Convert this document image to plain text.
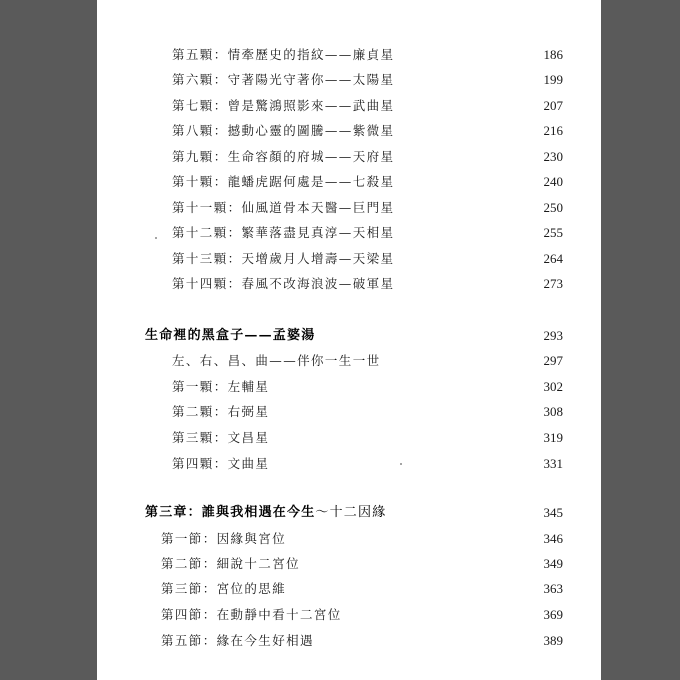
第五顆：情牽歷史的指紋——廉貞星	186
第六顆：守著陽光守著你——太陽星	199
第七顆：曾是驚鴻照影來——武曲星	207
第八顆：撼動心靈的圖騰——紫微星	216
第九顆：生命容顏的府城——天府星	230
第十顆：龍蟠虎踞何處是——七殺星	240
第十一顆：仙風道骨本天醫—巨門星	250
第十二顆：繁華落盡見真淳—天相星	255
第十三顆：天增歲月人增壽—天梁星	264
第十四顆：春風不改海浪波—破軍星	273
生命裡的黑盒子——孟婆湯	293
左、右、昌、曲——伴你一生一世	297
第一顆：左輔星	302
第二顆：右弼星	308
第三顆：文昌星	319
第四顆：文曲星	331
第三章：誰與我相遇在今生～十二因緣	345
第一節：因緣與宮位	346
第二節：細說十二宮位	349
第三節：宮位的思維	363
第四節：在動靜中看十二宮位	369
第五節：緣在今生好相遇	389
